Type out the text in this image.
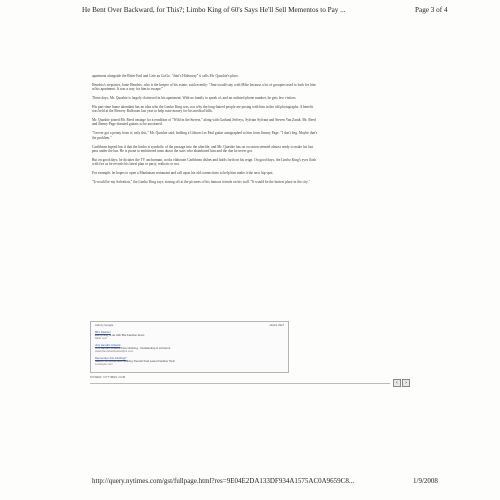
He Bent Over Backward, for This?; Limbo King of 60's Says He'll Sell Mementos to Pay ...	Page 3 of 4

apartment alongside the Bitter End and Cafe au GoGo. "Jimi's Hideaway" it calls Mr. Quashie's place.

Hendrix's stepsister, Janie Hendrix, who is the keeper of his estate, said recently: "Jimi would stay with Mike because a lot of groupies used to look for him at his apartment. It was a way for him to escape."

These days, Mr. Quashie is largely cloistered in his apartment. With no family to speak of, and an unlisted phone number, he gets few visitors.

His part-time home attendant has no idea who the Limbo King was, nor why the long-haired people are posing with him in the old photographs. A benefit was held at the Bowery Ballroom last year to help raise money for his medical bills.

Mr. Quashie joined Mr. Reed onstage for a rendition of "Wild in the Streets," along with Garland Jeffreys, Sylvain Sylvain and Steven Van Zandt. Mr. Reed and Jimmy Page donated guitars to be auctioned.

"I never got a penny from it; only this," Mr. Quashie said, holding a Gibson Les Paul guitar autographed to him from Jimmy Page. "I don't beg. Maybe that's the problem."

Caribbean legend has it that the limbo is symbolic of the passage into the afterlife, and Mr. Quashie has on occasion seemed almost ready to make his last pass under the bar. He is prone to embittered rants about the stars who abandoned him and the due he never got.

But on good days, he dictates the TV anchorman, cooks elaborate Caribbean dishes and holds forth on his reign. On good days, the Limbo King's eyes flash with fire as he reveals his latest plan or party, realistic or not.

For example, he hopes to open a Manhattan restaurant and call upon his old connections to help him make it the next hip spot.

"It would be my Salvation," the Limbo King says, staring off at the pictures of his famous friends on his wall. "It would be the hottest place in the city."

Ads by Google	what's this?
80's Fashion
Everything to do with 80s Fashion items
fiddo.com
Jimi Hendrix Artwork
Jimi Hendrix Artwork Fine Clothing - Outstanding & Ltd Items
www.lifeonthestreetsofjimi.com
Remember this Clothing?
Search for Movie And Clothing Trends! Find Latest Fashion Tips!
Lookstyle.com
POWER: NYTIMES.COM
‹ ›
http://query.nytimes.com/gst/fullpage.html?res=9E04E2DA133DF934A1575AC0A9659C8...	1/9/2008
